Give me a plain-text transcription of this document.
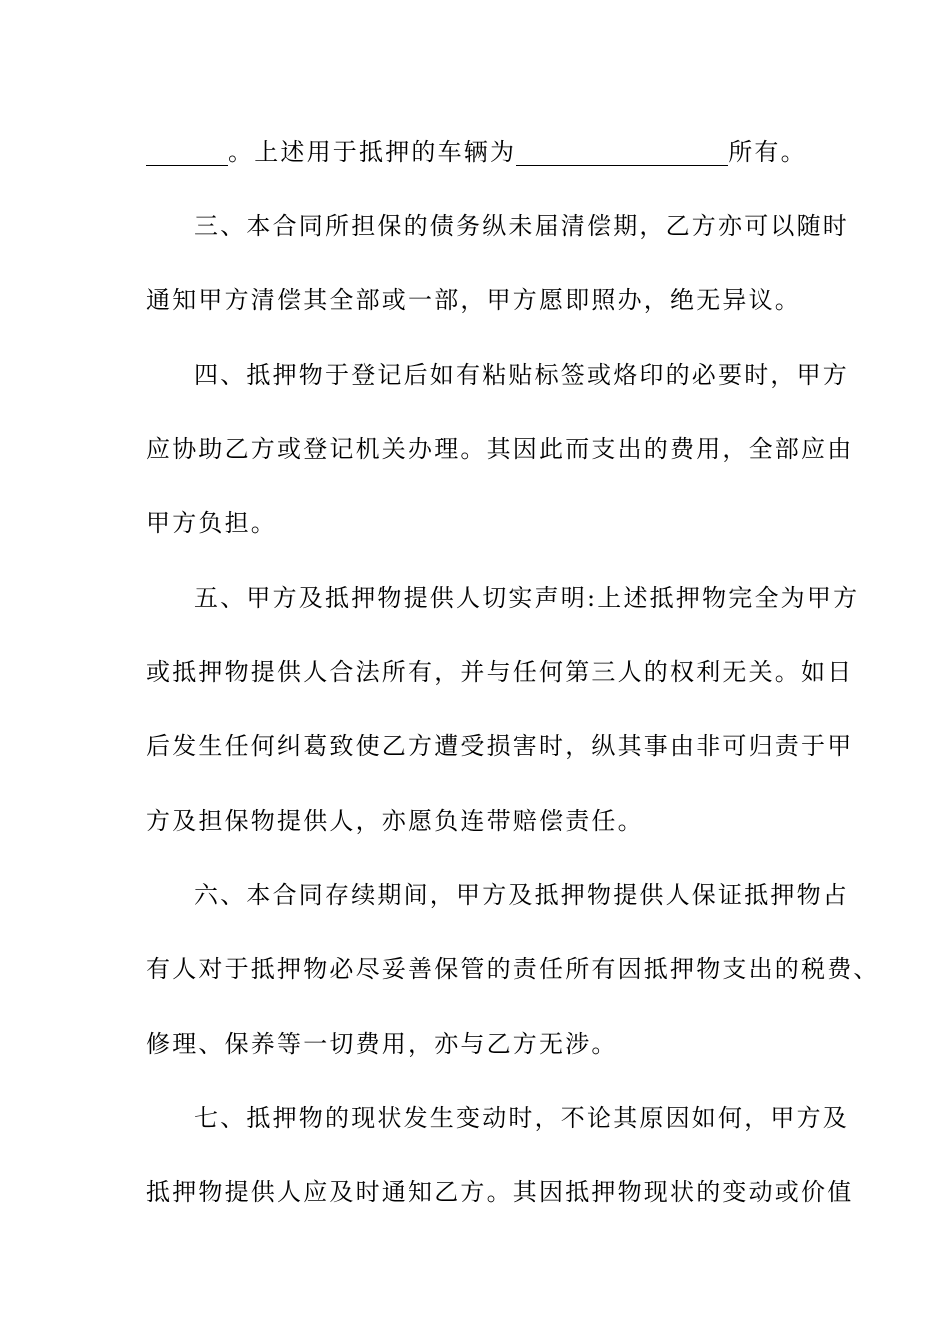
。上述用于抵押的车辆为	所有。
三、本合同所担保的债务纵未届清偿期，乙方亦可以随时
通知甲方清偿其全部或一部，甲方愿即照办，绝无异议。
四、抵押物于登记后如有粘贴标签或烙印的必要时，甲方
应协助乙方或登记机关办理。其因此而支出的费用，全部应由
甲方负担。
五、甲方及抵押物提供人切实声明:上述抵押物完全为甲方
或抵押物提供人合法所有，并与任何第三人的权利无关。如日
后发生任何纠葛致使乙方遭受损害时，纵其事由非可归责于甲
方及担保物提供人，亦愿负连带赔偿责任。
六、本合同存续期间，甲方及抵押物提供人保证抵押物占
有人对于抵押物必尽妥善保管的责任所有因抵押物支出的税费、
修理、保养等一切费用，亦与乙方无涉。
七、抵押物的现状发生变动时，不论其原因如何，甲方及
抵押物提供人应及时通知乙方。其因抵押物现状的变动或价值
